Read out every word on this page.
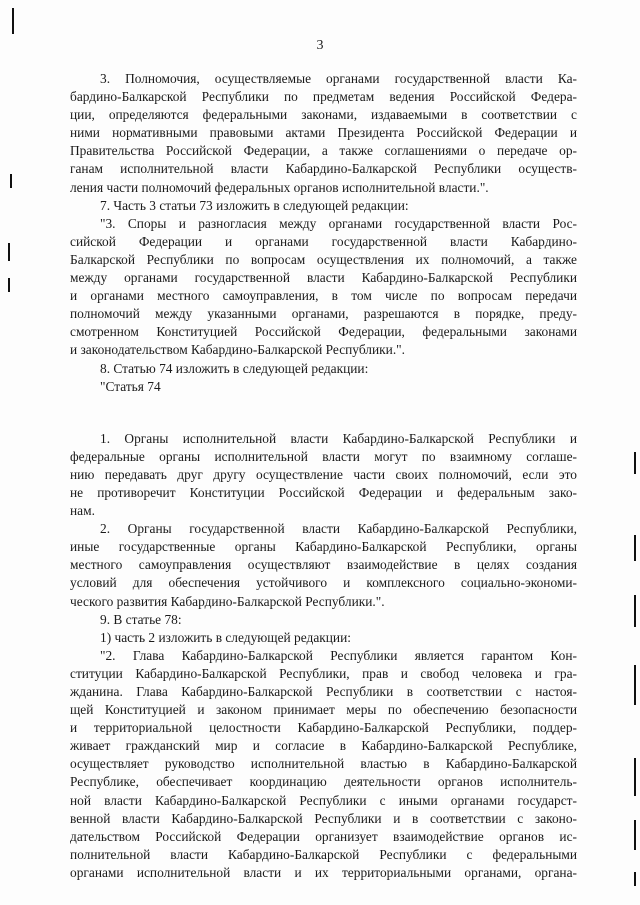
3

3. Полномочия, осуществляемые органами государственной власти Ка-

бардино-Балкарской Республики по предметам ведения Российской Федера-

ции, определяются федеральными законами, издаваемыми в соответствии с

ними нормативными правовыми актами Президента Российской Федерации и

Правительства Российской Федерации, а также соглашениями о передаче ор-

ганам исполнительной власти Кабардино-Балкарской Республики осуществ-

ления части полномочий федеральных органов исполнительной власти.".

7. Часть 3 статьи 73 изложить в следующей редакции:

"3. Споры и разногласия между органами государственной власти Рос-

сийской Федерации и органами государственной власти Кабардино-

Балкарской Республики по вопросам осуществления их полномочий, а также

между органами государственной власти Кабардино-Балкарской Республики

и органами местного самоуправления, в том числе по вопросам передачи

полномочий между указанными органами, разрешаются в порядке, преду-

смотренном Конституцией Российской Федерации, федеральными законами

и законодательством Кабардино-Балкарской Республики.".

8. Статью 74 изложить в следующей редакции:

"Статья 74

1. Органы исполнительной власти Кабардино-Балкарской Республики и

федеральные органы исполнительной власти могут по взаимному соглаше-

нию передавать друг другу осуществление части своих полномочий, если это

не противоречит Конституции Российской Федерации и федеральным зако-

нам.

2. Органы государственной власти Кабардино-Балкарской Республики,

иные государственные органы Кабардино-Балкарской Республики, органы

местного самоуправления осуществляют взаимодействие в целях создания

условий для обеспечения устойчивого и комплексного социально-экономи-

ческого развития Кабардино-Балкарской Республики.".

9. В статье 78:

1) часть 2 изложить в следующей редакции:

"2. Глава Кабардино-Балкарской Республики является гарантом Кон-

ституции Кабардино-Балкарской Республики, прав и свобод человека и гра-

жданина. Глава Кабардино-Балкарской Республики в соответствии с настоя-

щей Конституцией и законом принимает меры по обеспечению безопасности

и территориальной целостности Кабардино-Балкарской Республики, поддер-

живает гражданский мир и согласие в Кабардино-Балкарской Республике,

осуществляет руководство исполнительной властью в Кабардино-Балкарской

Республике, обеспечивает координацию деятельности органов исполнитель-

ной власти Кабардино-Балкарской Республики с иными органами государст-

венной власти Кабардино-Балкарской Республики и в соответствии с законо-

дательством Российской Федерации организует взаимодействие органов ис-

полнительной власти Кабардино-Балкарской Республики с федеральными

органами исполнительной власти и их территориальными органами, органа-
